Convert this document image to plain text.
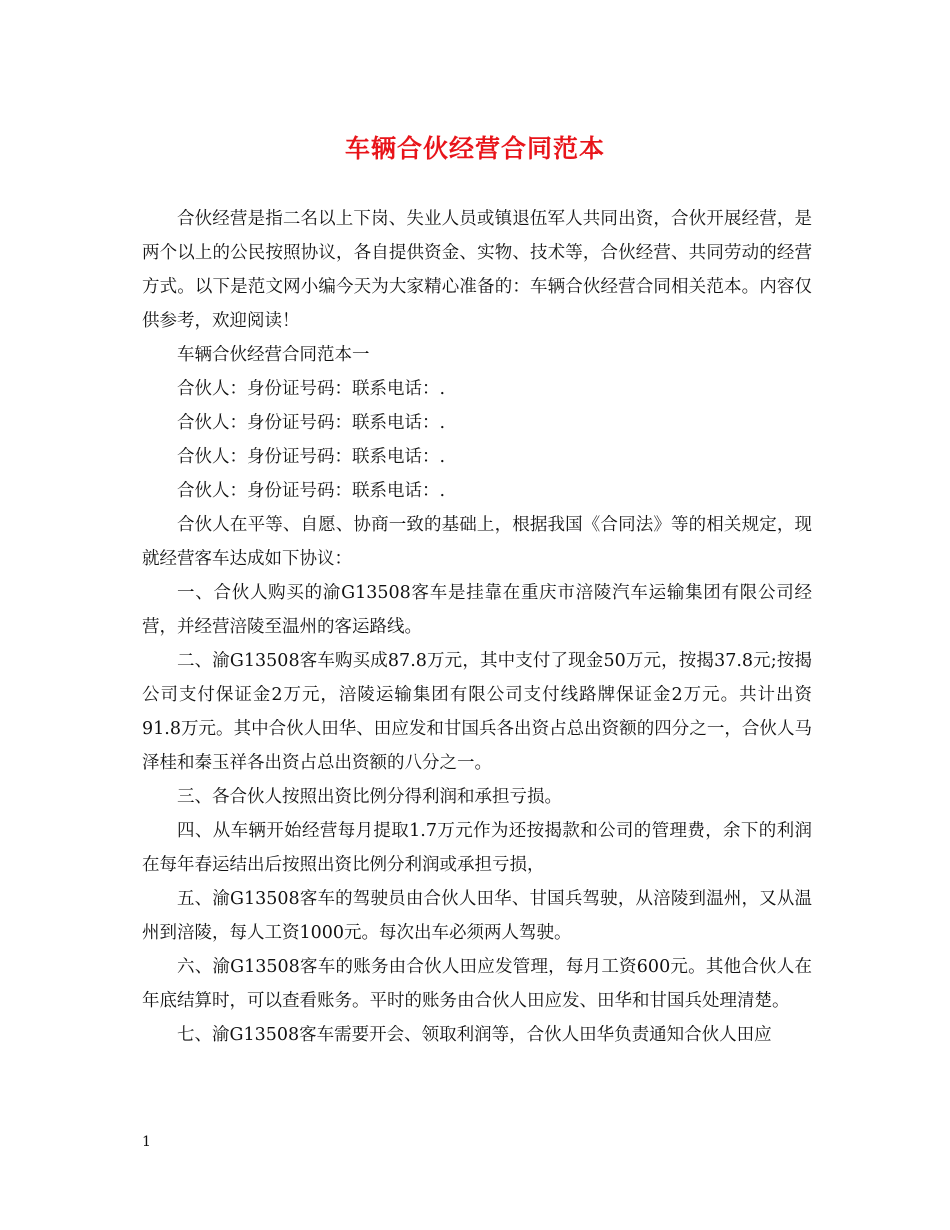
车辆合伙经营合同范本

合伙经营是指二名以上下岗、失业人员或镇退伍军人共同出资，合伙开展经营，是两个以上的公民按照协议，各自提供资金、实物、技术等，合伙经营、共同劳动的经营方式。以下是范文网小编今天为大家精心准备的：车辆合伙经营合同相关范本。内容仅供参考，欢迎阅读！

车辆合伙经营合同范本一

合伙人：身份证号码：联系电话：.

合伙人：身份证号码：联系电话：.

合伙人：身份证号码：联系电话：.

合伙人：身份证号码：联系电话：.

合伙人在平等、自愿、协商一致的基础上，根据我国《合同法》等的相关规定，现就经营客车达成如下协议：

一、合伙人购买的渝G13508客车是挂靠在重庆市涪陵汽车运输集团有限公司经营，并经营涪陵至温州的客运路线。

二、渝G13508客车购买成87.8万元，其中支付了现金50万元，按揭37.8元;按揭公司支付保证金2万元，涪陵运输集团有限公司支付线路牌保证金2万元。共计出资91.8万元。其中合伙人田华、田应发和甘国兵各出资占总出资额的四分之一，合伙人马泽桂和秦玉祥各出资占总出资额的八分之一。

三、各合伙人按照出资比例分得利润和承担亏损。

四、从车辆开始经营每月提取1.7万元作为还按揭款和公司的管理费，余下的利润在每年春运结出后按照出资比例分利润或承担亏损，

五、渝G13508客车的驾驶员由合伙人田华、甘国兵驾驶，从涪陵到温州，又从温州到涪陵，每人工资1000元。每次出车必须两人驾驶。

六、渝G13508客车的账务由合伙人田应发管理，每月工资600元。其他合伙人在年底结算时，可以查看账务。平时的账务由合伙人田应发、田华和甘国兵处理清楚。

七、渝G13508客车需要开会、领取利润等，合伙人田华负责通知合伙人田应

1
